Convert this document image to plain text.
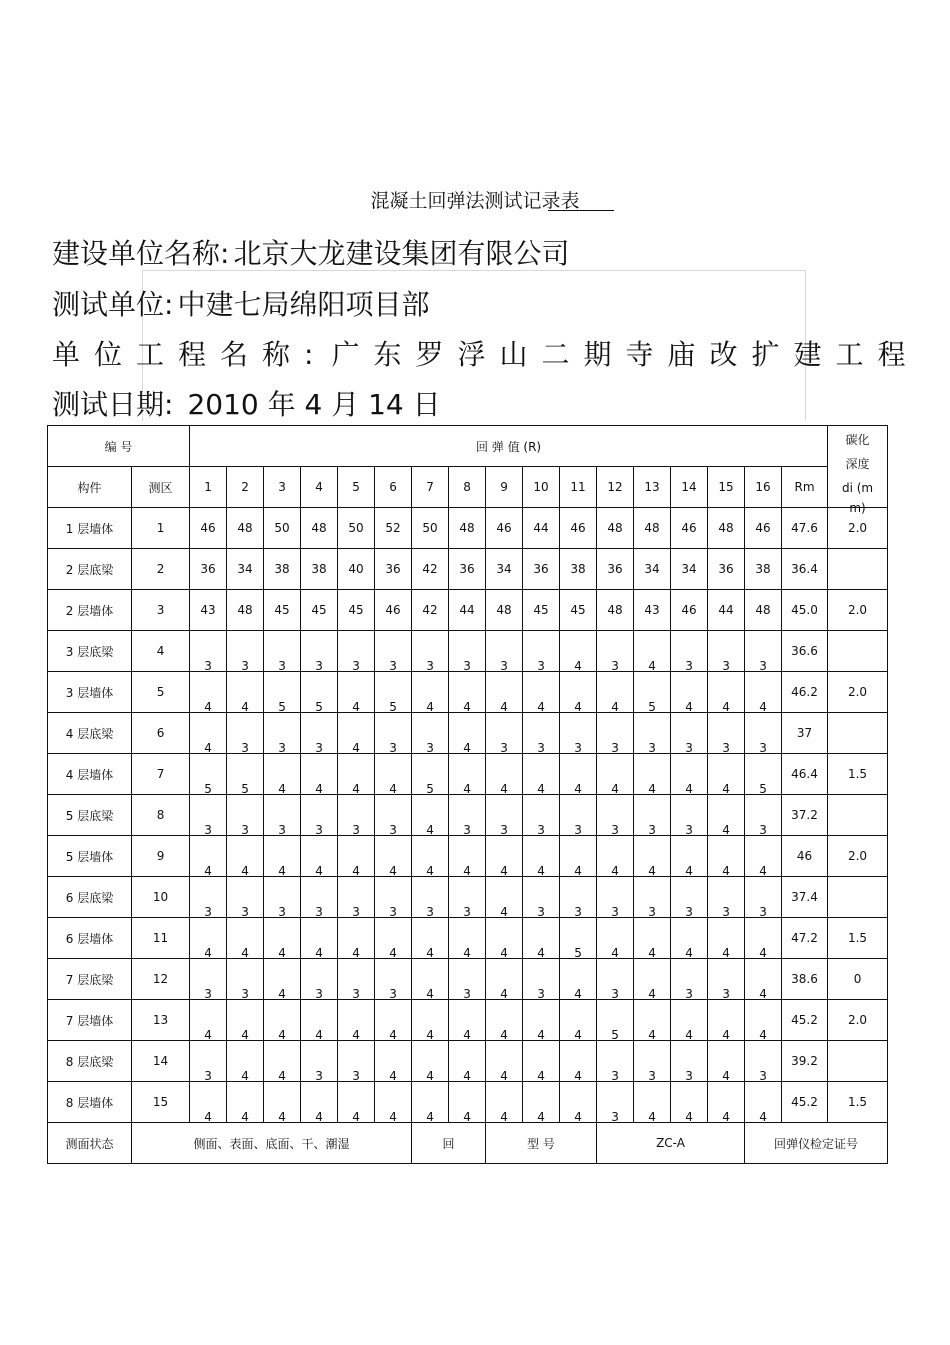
混凝土回弹法测试记录表
建设单位名称: 北京大龙建设集团有限公司
测试单位: 中建七局绵阳项目部
单位工程名称: 广东罗浮山二期寺庙改扩建工程
测试日期: 2010 年 4 月 14 日
编 号		回 弹 值 (R)																	碳化
深度
di (m
m)

构件	测区	1	2	3	4	5	6	7	8	9	10	11	12	13	14	15	16	Rm	
1 层墙体	1	46	48	50	48	50	52	50	48	46	44	46	48	48	46	48	46	47.6	2.0
2 层底梁	2	36	34	38	38	40	36	42	36	34	36	38	36	34	34	36	38	36.4	
2 层墙体	3	43	48	45	45	45	46	42	44	48	45	45	48	43	46	44	48	45.0	2.0
3 层底梁	4	3	3	3	3	3	3	3	3	3	3	4	3	4	3	3	3	36.6	
3 层墙体	5	4	4	5	5	4	5	4	4	4	4	4	4	5	4	4	4	46.2	2.0
4 层底梁	6	4	3	3	3	4	3	3	4	3	3	3	3	3	3	3	3	37	
4 层墙体	7	5	5	4	4	4	4	5	4	4	4	4	4	4	4	4	5	46.4	1.5
5 层底梁	8	3	3	3	3	3	3	4	3	3	3	3	3	3	3	4	3	37.2	
5 层墙体	9	4	4	4	4	4	4	4	4	4	4	4	4	4	4	4	4	46	2.0
6 层底梁	10	3	3	3	3	3	3	3	3	4	3	3	3	3	3	3	3	37.4	
6 层墙体	11	4	4	4	4	4	4	4	4	4	4	5	4	4	4	4	4	47.2	1.5
7 层底梁	12	3	3	4	3	3	3	4	3	4	3	4	3	4	3	3	4	38.6	0
7 层墙体	13	4	4	4	4	4	4	4	4	4	4	4	5	4	4	4	4	45.2	2.0
8 层底梁	14	3	4	4	3	3	4	4	4	4	4	4	3	3	3	4	3	39.2	
8 层墙体	15	4	4	4	4	4	4	4	4	4	4	4	3	4	4	4	4	45.2	1.5
测面状态	侧面、表面、底面、干、潮湿							回		型 号			ZC-A				回弹仪检定证号		
